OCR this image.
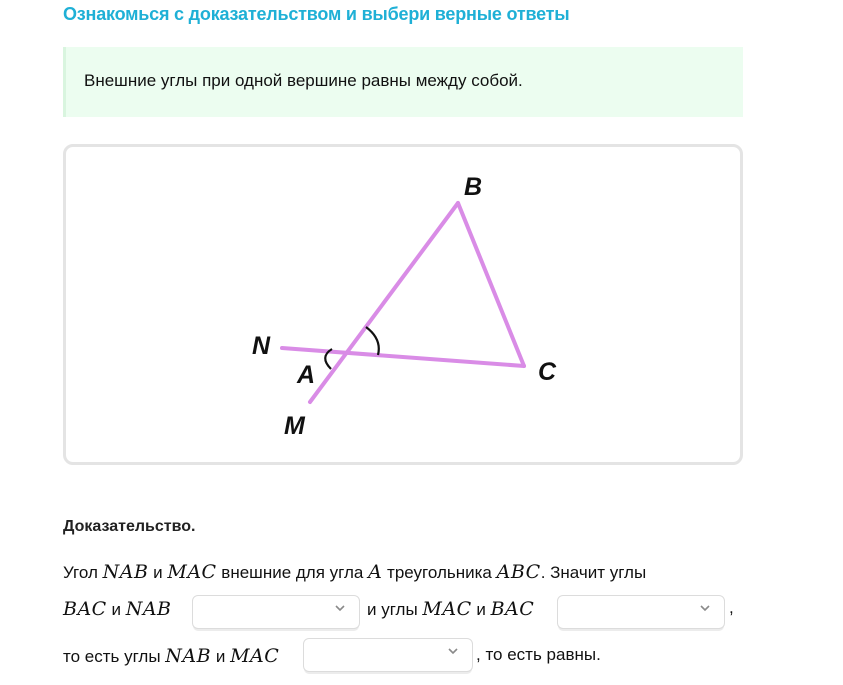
Ознакомься с доказательством и выбери верные ответы
Внешние углы при одной вершине равны между собой.
B
N
A	C
M
Доказательство.
Угол NAB и MAC внешние для угла A треугольника ABC. Значит углы
BAC и NAB	и углы MAC и BAC	,
то есть углы NAB и MAC	, то есть равны.
